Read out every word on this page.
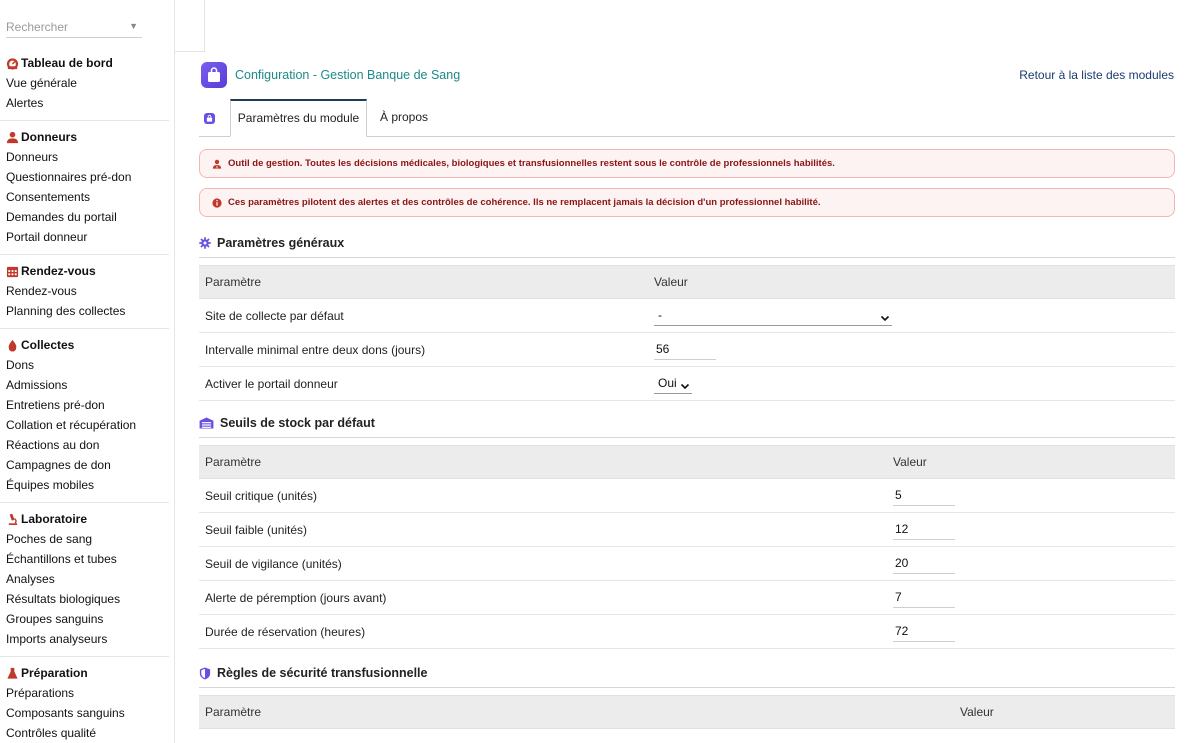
Rechercher
▼
Tableau de bord
Vue générale
Alertes
Donneurs
Donneurs
Questionnaires pré-don
Consentements
Demandes du portail
Portail donneur
Rendez-vous
Rendez-vous
Planning des collectes
Collectes
Dons
Admissions
Entretiens pré-don
Collation et récupération
Réactions au don
Campagnes de don
Équipes mobiles
Laboratoire
Poches de sang
Échantillons et tubes
Analyses
Résultats biologiques
Groupes sanguins
Imports analyseurs
Préparation
Préparations
Composants sanguins
Contrôles qualité
Configuration - Gestion Banque de Sang	Retour à la liste des modules
Paramètres du module	À propos
Outil de gestion. Toutes les décisions médicales, biologiques et transfusionnelles restent sous le contrôle de professionnels habilités.
Ces paramètres pilotent des alertes et des contrôles de cohérence. Ils ne remplacent jamais la décision d'un professionnel habilité.
Paramètres généraux
Paramètre	Valeur
Site de collecte par défaut	-

Intervalle minimal entre deux dons (jours)	56
Activer le portail donneur	Oui
Seuils de stock par défaut
Paramètre	Valeur
Seuil critique (unités)	5
Seuil faible (unités)	12
Seuil de vigilance (unités)	20
Alerte de péremption (jours avant)	7
Durée de réservation (heures)	72
Règles de sécurité transfusionnelle
Paramètre	Valeur
